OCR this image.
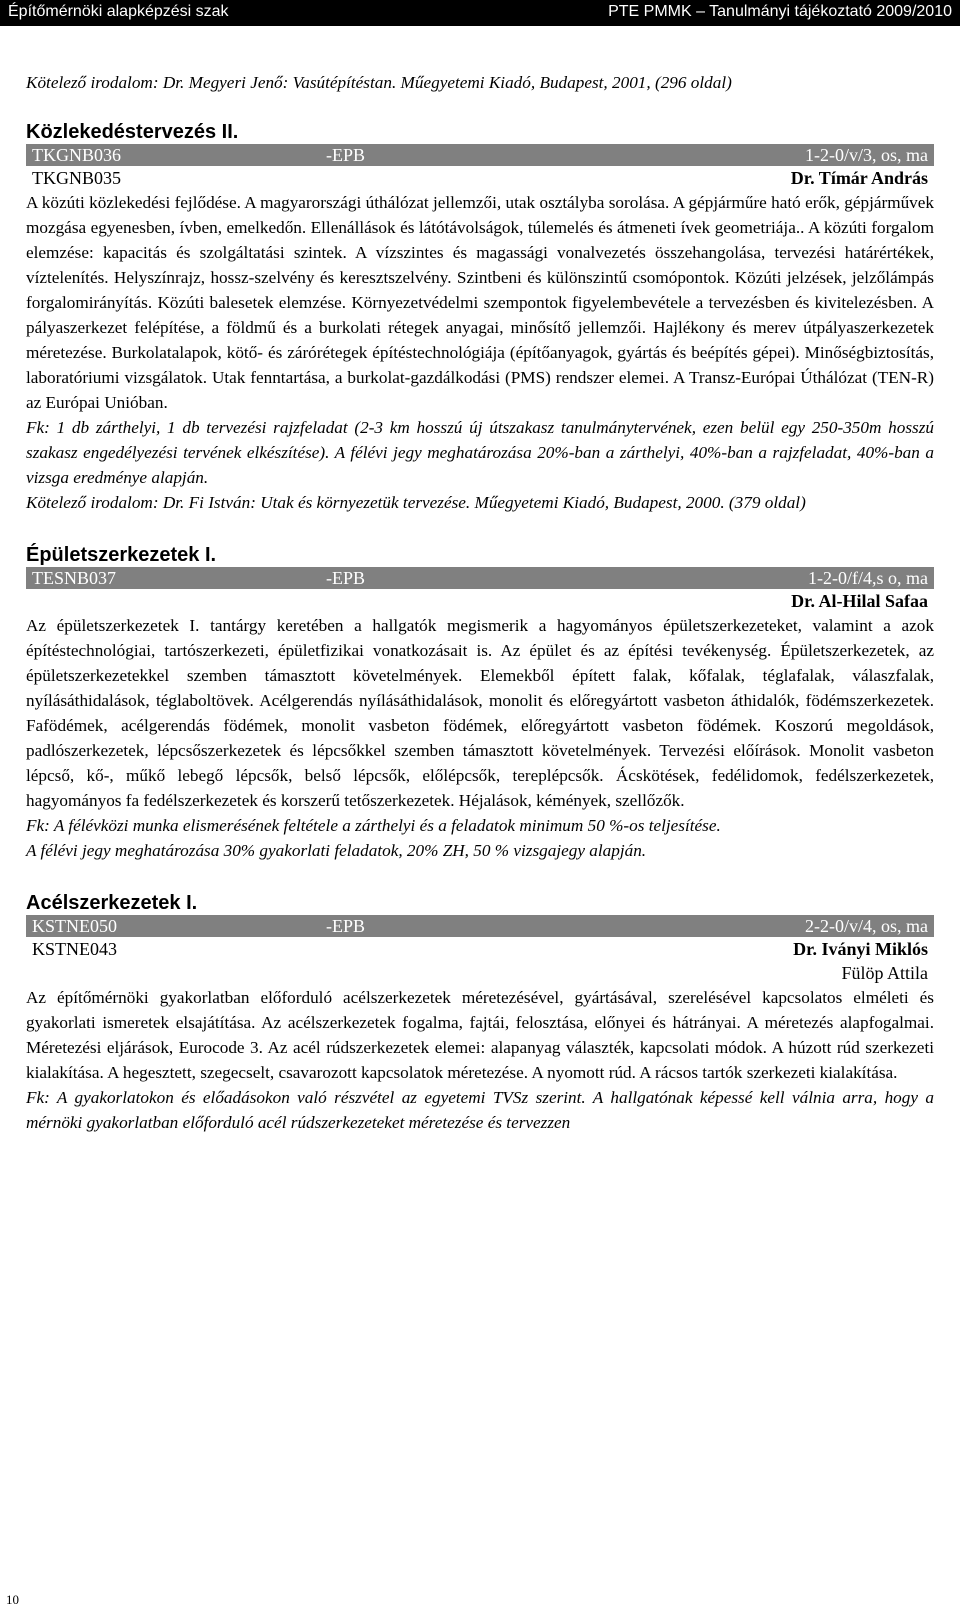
Építőmérnöki alapképzési szak	PTE PMMK – Tanulmányi tájékoztató 2009/2010

Kötelező irodalom: Dr. Megyeri Jenő: Vasútépítéstan. Műegyetemi Kiadó, Budapest, 2001, (296 oldal)

Közlekedéstervezés II.
TKGNB036	-EPB	1-2-0/v/3, os, ma
TKGNB035	Dr. Tímár András

A közúti közlekedési fejlődése. A magyarországi úthálózat jellemzői, utak osztályba sorolása. A gépjárműre ható erők, gépjárművek mozgása egyenesben, ívben, emelkedőn. Ellenállások és látótávolságok, túlemelés és átmeneti ívek geometriája.. A közúti forgalom elemzése: kapacitás és szolgáltatási szintek. A vízszintes és magassági vonalvezetés összehangolása, tervezési határértékek, víztelenítés. Helyszínrajz, hossz-szelvény és keresztszelvény. Szintbeni és különszintű csomópontok. Közúti jelzések, jelzőlámpás forgalomirányítás. Közúti balesetek elemzése. Környezetvédelmi szempontok figyelembevétele a tervezésben és kivitelezésben. A pályaszerkezet felépítése, a földmű és a burkolati rétegek anyagai, minősítő jellemzői. Hajlékony és merev útpályaszerkezetek méretezése. Burkolatalapok, kötő- és zárórétegek építéstechnológiája (építőanyagok, gyártás és beépítés gépei). Minőségbiztosítás, laboratóriumi vizsgálatok. Utak fenntartása, a burkolat-gazdálkodási (PMS) rendszer elemei. A Transz-Európai Úthálózat (TEN-R) az Európai Unióban.

Fk: 1 db zárthelyi, 1 db tervezési rajzfeladat (2-3 km hosszú új útszakasz tanulmánytervének, ezen belül egy 250-350m hosszú szakasz engedélyezési tervének elkészítése). A félévi jegy meghatározása 20%-ban a zárthelyi, 40%-ban a rajzfeladat, 40%-ban a vizsga eredménye alapján.

Kötelező irodalom: Dr. Fi István: Utak és környezetük tervezése. Műegyetemi Kiadó, Budapest, 2000. (379 oldal)

Épületszerkezetek I.
TESNB037	-EPB	1-2-0/f/4,s o, ma
Dr. Al-Hilal Safaa

Az épületszerkezetek I. tantárgy keretében a hallgatók megismerik a hagyományos épületszerkezeteket, valamint a azok építéstechnológiai, tartószerkezeti, épületfizikai vonatkozásait is. Az épület és az építési tevékenység. Épületszerkezetek, az épületszerkezetekkel szemben támasztott követelmények. Elemekből épített falak, kőfalak, téglafalak, válaszfalak, nyílásáthidalások, téglaboltövek. Acélgerendás nyílásáthidalások, monolit és előregyártott vasbeton áthidalók, födémszerkezetek. Fafödémek, acélgerendás födémek, monolit vasbeton födémek, előregyártott vasbeton födémek. Koszorú megoldások, padlószerkezetek, lépcsőszerkezetek és lépcsőkkel szemben támasztott követelmények. Tervezési előírások. Monolit vasbeton lépcső, kő-, műkő lebegő lépcsők, belső lépcsők, előlépcsők, tereplépcsők. Ácskötések, fedélidomok, fedélszerkezetek, hagyományos fa fedélszerkezetek és korszerű tetőszerkezetek. Héjalások, kémények, szellőzők.

Fk: A félévközi munka elismerésének feltétele a zárthelyi és a feladatok minimum 50 %-os teljesítése.

A félévi jegy meghatározása 30% gyakorlati feladatok, 20% ZH, 50 % vizsgajegy alapján.

Acélszerkezetek I.
KSTNE050	-EPB	2-2-0/v/4, os, ma
KSTNE043	Dr. Iványi Miklós
Fülöp Attila

Az építőmérnöki gyakorlatban előforduló acélszerkezetek méretezésével, gyártásával, szerelésével kapcsolatos elméleti és gyakorlati ismeretek elsajátítása. Az acélszerkezetek fogalma, fajtái, felosztása, előnyei és hátrányai. A méretezés alapfogalmai. Méretezési eljárások, Eurocode 3. Az acél rúdszerkezetek elemei: alapanyag választék, kapcsolati módok. A húzott rúd szerkezeti kialakítása. A hegesztett, szegecselt, csavarozott kapcsolatok méretezése. A nyomott rúd. A rácsos tartók szerkezeti kialakítása.

Fk: A gyakorlatokon és előadásokon való részvétel az egyetemi TVSz szerint. A hallgatónak képessé kell válnia arra, hogy a mérnöki gyakorlatban előforduló acél rúdszerkezeteket méretezése és tervezzen

10
